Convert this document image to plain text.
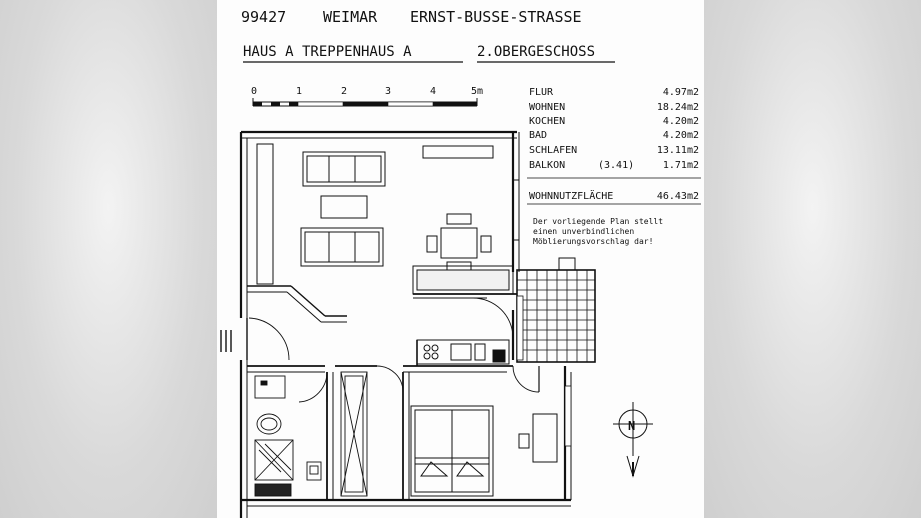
99427 WEIMAR ERNST-BUSSE-STRASSE
HAUS A TREPPENHAUS A	2.OBERGESCHOSS
0	1	2	3	4	5m	FLUR	4.97m2
WOHNEN	18.24m2
KOCHEN	4.20m2
BAD	4.20m2
SCHLAFEN	13.11m2
BALKON	(3.41)	1.71m2
WOHNNUTZFLÄCHE	46.43m2
Der vorliegende Plan stellt
einen unverbindlichen
Möblierungsvorschlag dar!
N
